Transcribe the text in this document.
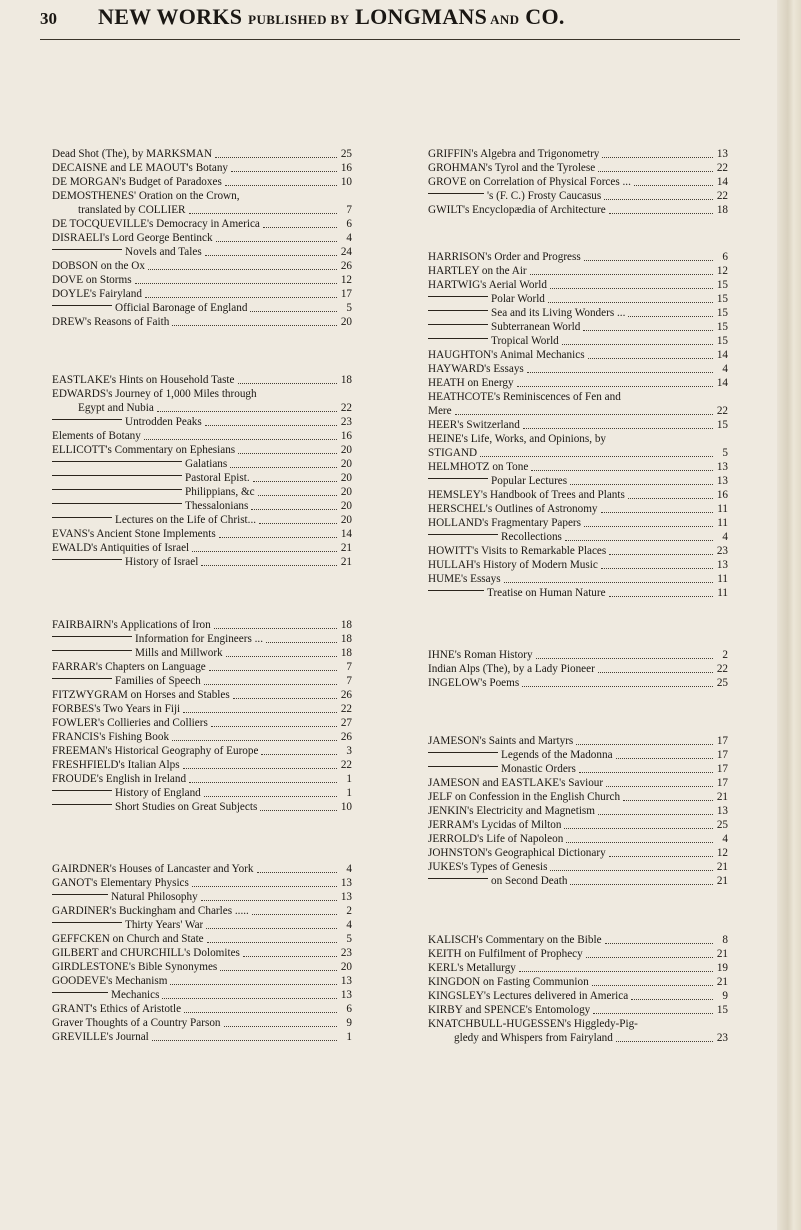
30 NEW WORKS PUBLISHED BY LONGMANS AND CO.
Dead Shot (The), by MARKSMAN	25
DECAISNE and LE MAOUT's Botany	16
DE MORGAN's Budget of Paradoxes	10
DEMOSTHENES' Oration on the Crown,
translated by COLLIER	7
DE TOCQUEVILLE's Democracy in America	6
DISRAELI's Lord George Bentinck	4
Novels and Tales	24
DOBSON on the Ox	26
DOVE on Storms	12
DOYLE's Fairyland	17
Official Baronage of England	5
DREW's Reasons of Faith	20
EASTLAKE's Hints on Household Taste	18
EDWARDS's Journey of 1,000 Miles through
Egypt and Nubia	22
Untrodden Peaks	23
Elements of Botany	16
ELLICOTT's Commentary on Ephesians	20
Galatians	20
Pastoral Epist.	20
Philippians, &c	20
Thessalonians	20
Lectures on the Life of Christ...	20
EVANS's Ancient Stone Implements	14
EWALD's Antiquities of Israel	21
History of Israel	21
FAIRBAIRN's Applications of Iron	18
Information for Engineers ...	18
Mills and Millwork	18
FARRAR's Chapters on Language	7
Families of Speech	7
FITZWYGRAM on Horses and Stables	26
FORBES's Two Years in Fiji	22
FOWLER's Collieries and Colliers	27
FRANCIS's Fishing Book	26
FREEMAN's Historical Geography of Europe	3
FRESHFIELD's Italian Alps	22
FROUDE's English in Ireland	1
History of England	1
Short Studies on Great Subjects	10
GAIRDNER's Houses of Lancaster and York	4
GANOT's Elementary Physics	13
Natural Philosophy	13
GARDINER's Buckingham and Charles .....	2
Thirty Years' War	4
GEFFCKEN on Church and State	5
GILBERT and CHURCHILL's Dolomites	23
GIRDLESTONE's Bible Synonymes	20
GOODEVE's Mechanism	13
Mechanics	13
GRANT's Ethics of Aristotle	6
Graver Thoughts of a Country Parson	9
GREVILLE's Journal	1
GRIFFIN's Algebra and Trigonometry	13
GROHMAN's Tyrol and the Tyrolese	22
GROVE on Correlation of Physical Forces ...	14
's (F. C.) Frosty Caucasus	22
GWILT's Encyclopædia of Architecture	18
HARRISON's Order and Progress	6
HARTLEY on the Air	12
HARTWIG's Aerial World	15
Polar World	15
Sea and its Living Wonders ...	15
Subterranean World	15
Tropical World	15
HAUGHTON's Animal Mechanics	14
HAYWARD's Essays	4
HEATH on Energy	14
HEATHCOTE's Reminiscences of Fen and
Mere	22
HEER's Switzerland	15
HEINE's Life, Works, and Opinions, by
STIGAND	5
HELMHOTZ on Tone	13
Popular Lectures	13
HEMSLEY's Handbook of Trees and Plants	16
HERSCHEL's Outlines of Astronomy	11
HOLLAND's Fragmentary Papers	11
Recollections	4
HOWITT's Visits to Remarkable Places	23
HULLAH's History of Modern Music	13
HUME's Essays	11
Treatise on Human Nature	11
IHNE's Roman History	2
Indian Alps (The), by a Lady Pioneer	22
INGELOW's Poems	25
JAMESON's Saints and Martyrs	17
Legends of the Madonna	17
Monastic Orders	17
JAMESON and EASTLAKE's Saviour	17
JELF on Confession in the English Church	21
JENKIN's Electricity and Magnetism	13
JERRAM's Lycidas of Milton	25
JERROLD's Life of Napoleon	4
JOHNSTON's Geographical Dictionary	12
JUKES's Types of Genesis	21
on Second Death	21
KALISCH's Commentary on the Bible	8
KEITH on Fulfilment of Prophecy	21
KERL's Metallurgy	19
KINGDON on Fasting Communion	21
KINGSLEY's Lectures delivered in America	9
KIRBY and SPENCE's Entomology	15
KNATCHBULL-HUGESSEN's Higgledy-Pig-
gledy and Whispers from Fairyland	23
